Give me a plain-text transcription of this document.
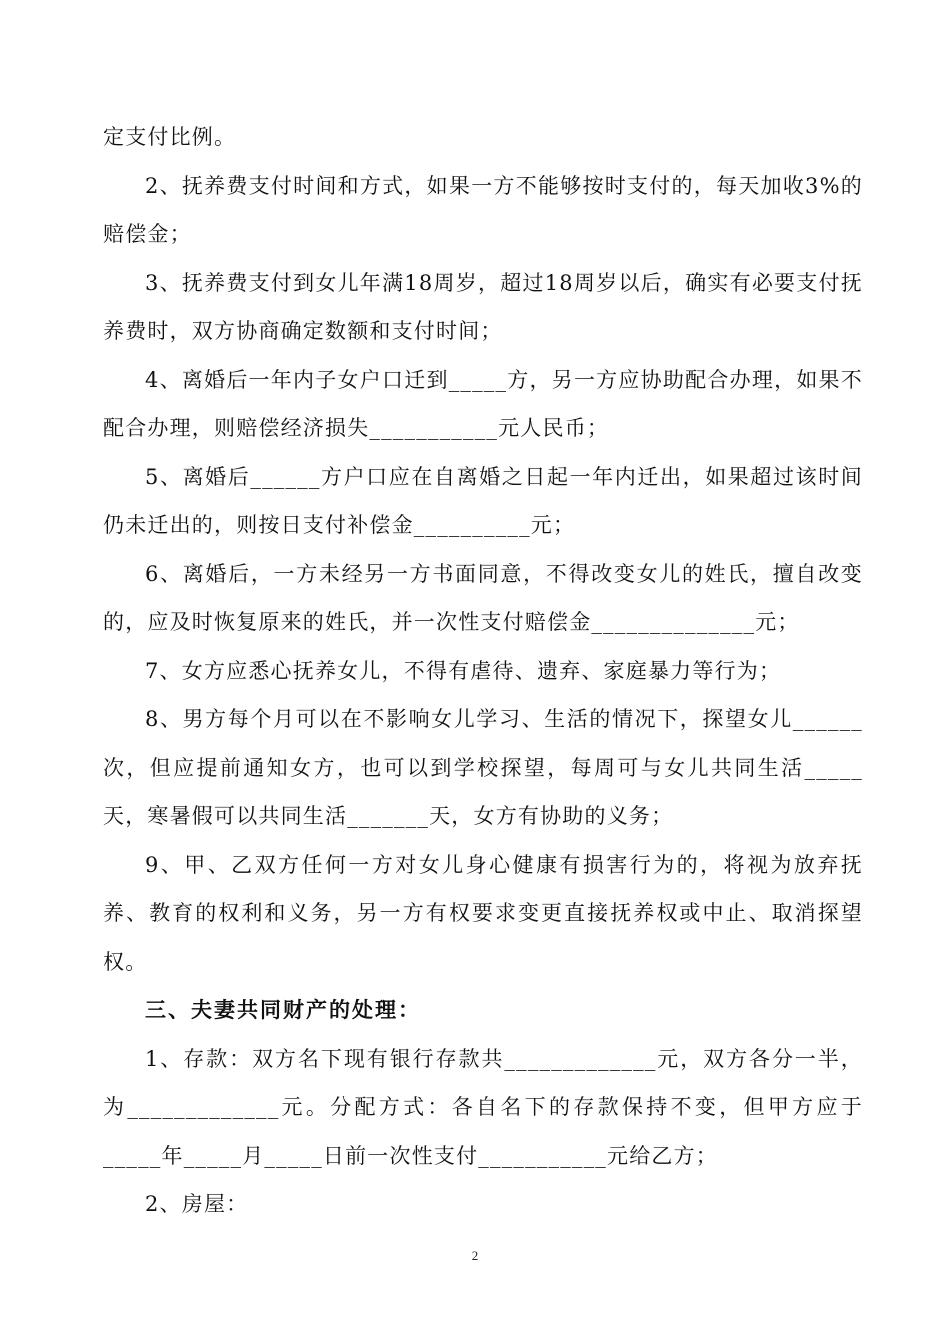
定支付比例。

2、抚养费支付时间和方式，如果一方不能够按时支付的，每天加收3%的赔偿金；

3、抚养费支付到女儿年满18周岁，超过18周岁以后，确实有必要支付抚养费时，双方协商确定数额和支付时间；

4、离婚后一年内子女户口迁到_____方，另一方应协助配合办理，如果不配合办理，则赔偿经济损失___________元人民币；

5、离婚后______方户口应在自离婚之日起一年内迁出，如果超过该时间仍未迁出的，则按日支付补偿金__________元；

6、离婚后，一方未经另一方书面同意，不得改变女儿的姓氏，擅自改变的，应及时恢复原来的姓氏，并一次性支付赔偿金______________元；

7、女方应悉心抚养女儿，不得有虐待、遗弃、家庭暴力等行为；

8、男方每个月可以在不影响女儿学习、生活的情况下，探望女儿______次，但应提前通知女方，也可以到学校探望，每周可与女儿共同生活_____天，寒暑假可以共同生活_______天，女方有协助的义务；

9、甲、乙双方任何一方对女儿身心健康有损害行为的，将视为放弃抚养、教育的权利和义务，另一方有权要求变更直接抚养权或中止、取消探望权。

三、夫妻共同财产的处理：

1、存款：双方名下现有银行存款共_____________元，双方各分一半，为_____________元。分配方式：各自名下的存款保持不变，但甲方应于_____年_____月_____日前一次性支付___________元给乙方；

2、房屋：

2
